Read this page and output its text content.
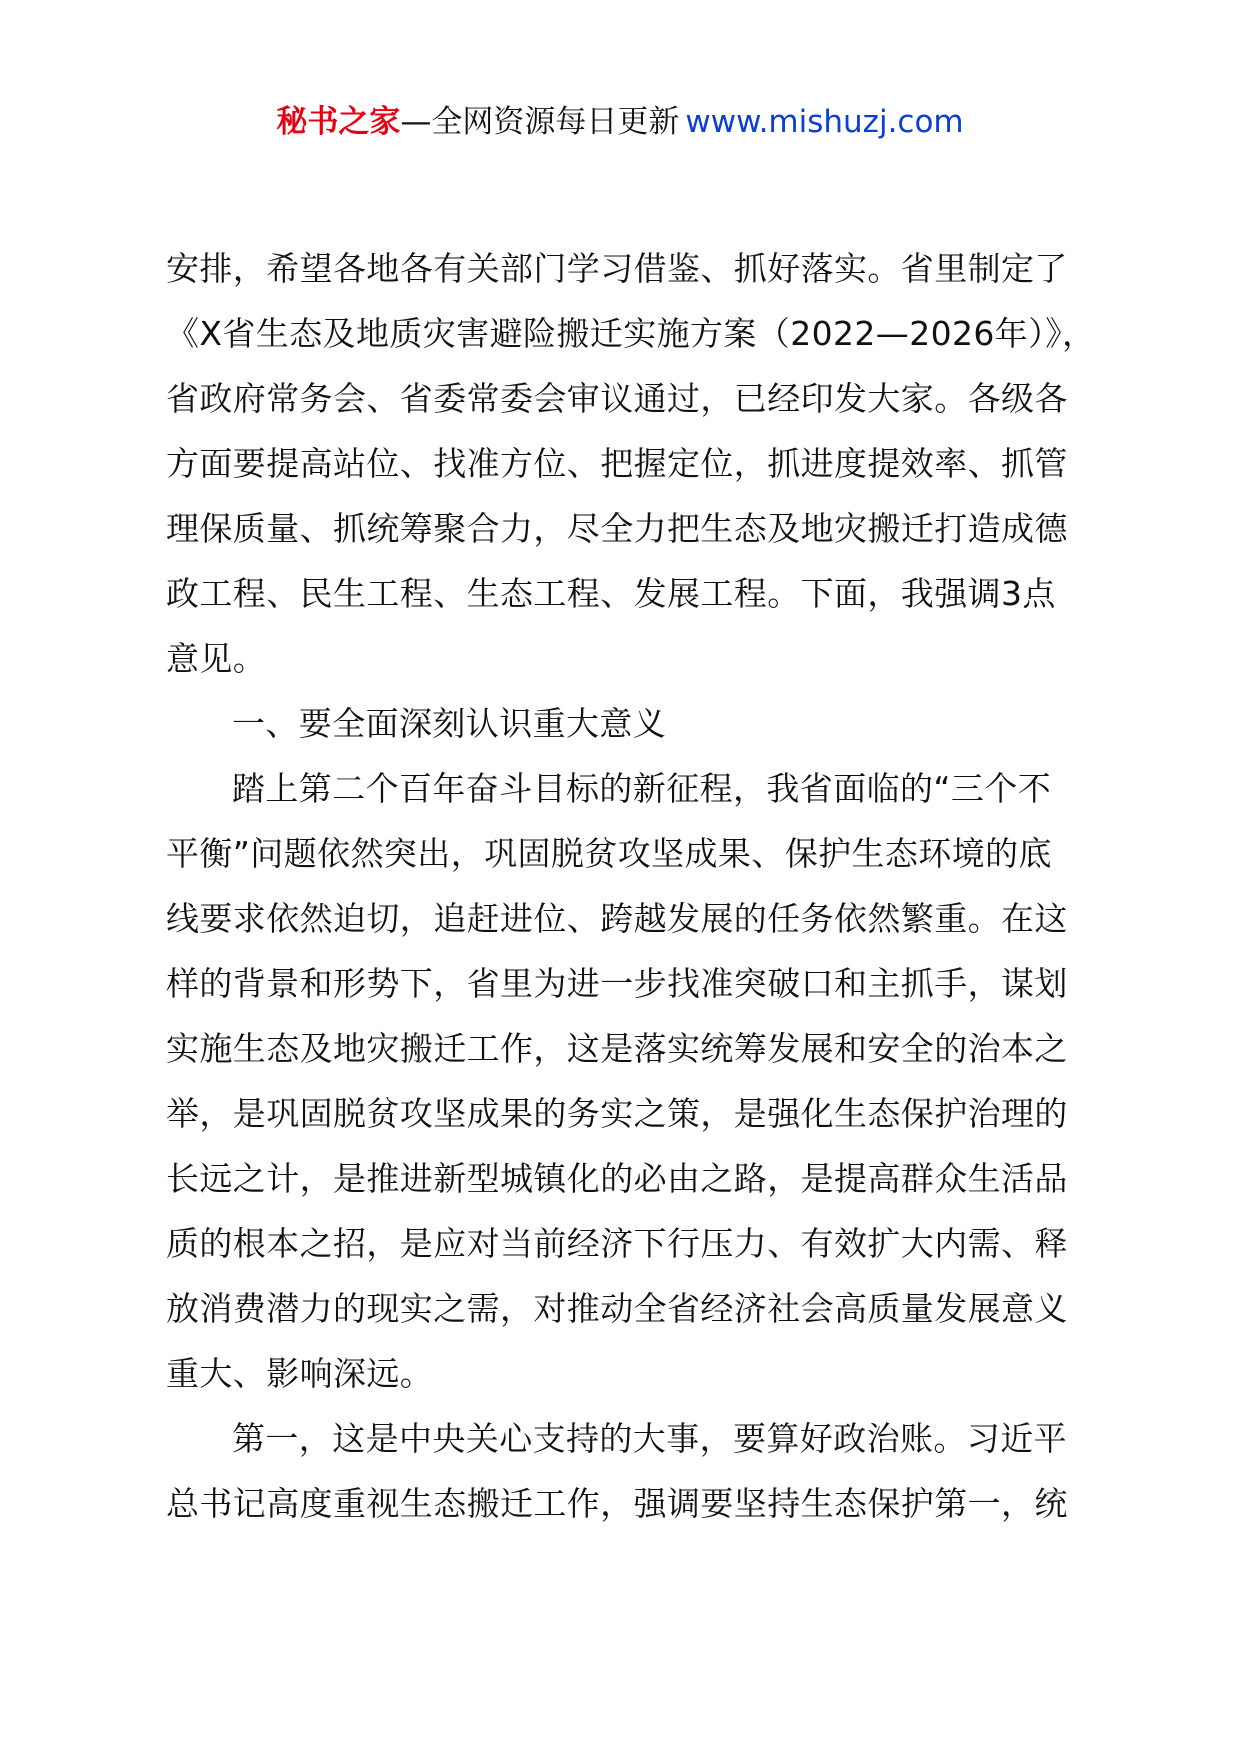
秘书之家—全网资源每日更新 www.mishuzj.com

安排，希望各地各有关部门学习借鉴、抓好落实。省里制定了

《X省生态及地质灾害避险搬迁实施方案（2022—2026年）》，

省政府常务会、省委常委会审议通过，已经印发大家。各级各

方面要提高站位、找准方位、把握定位，抓进度提效率、抓管

理保质量、抓统筹聚合力，尽全力把生态及地灾搬迁打造成德

政工程、民生工程、生态工程、发展工程。下面，我强调3点

意见。

一、要全面深刻认识重大意义

踏上第二个百年奋斗目标的新征程，我省面临的“三个不

平衡”问题依然突出，巩固脱贫攻坚成果、保护生态环境的底

线要求依然迫切，追赶进位、跨越发展的任务依然繁重。在这

样的背景和形势下，省里为进一步找准突破口和主抓手，谋划

实施生态及地灾搬迁工作，这是落实统筹发展和安全的治本之

举，是巩固脱贫攻坚成果的务实之策，是强化生态保护治理的

长远之计，是推进新型城镇化的必由之路，是提高群众生活品

质的根本之招，是应对当前经济下行压力、有效扩大内需、释

放消费潜力的现实之需，对推动全省经济社会高质量发展意义

重大、影响深远。

第一，这是中央关心支持的大事，要算好政治账。习近平

总书记高度重视生态搬迁工作，强调要坚持生态保护第一，统
